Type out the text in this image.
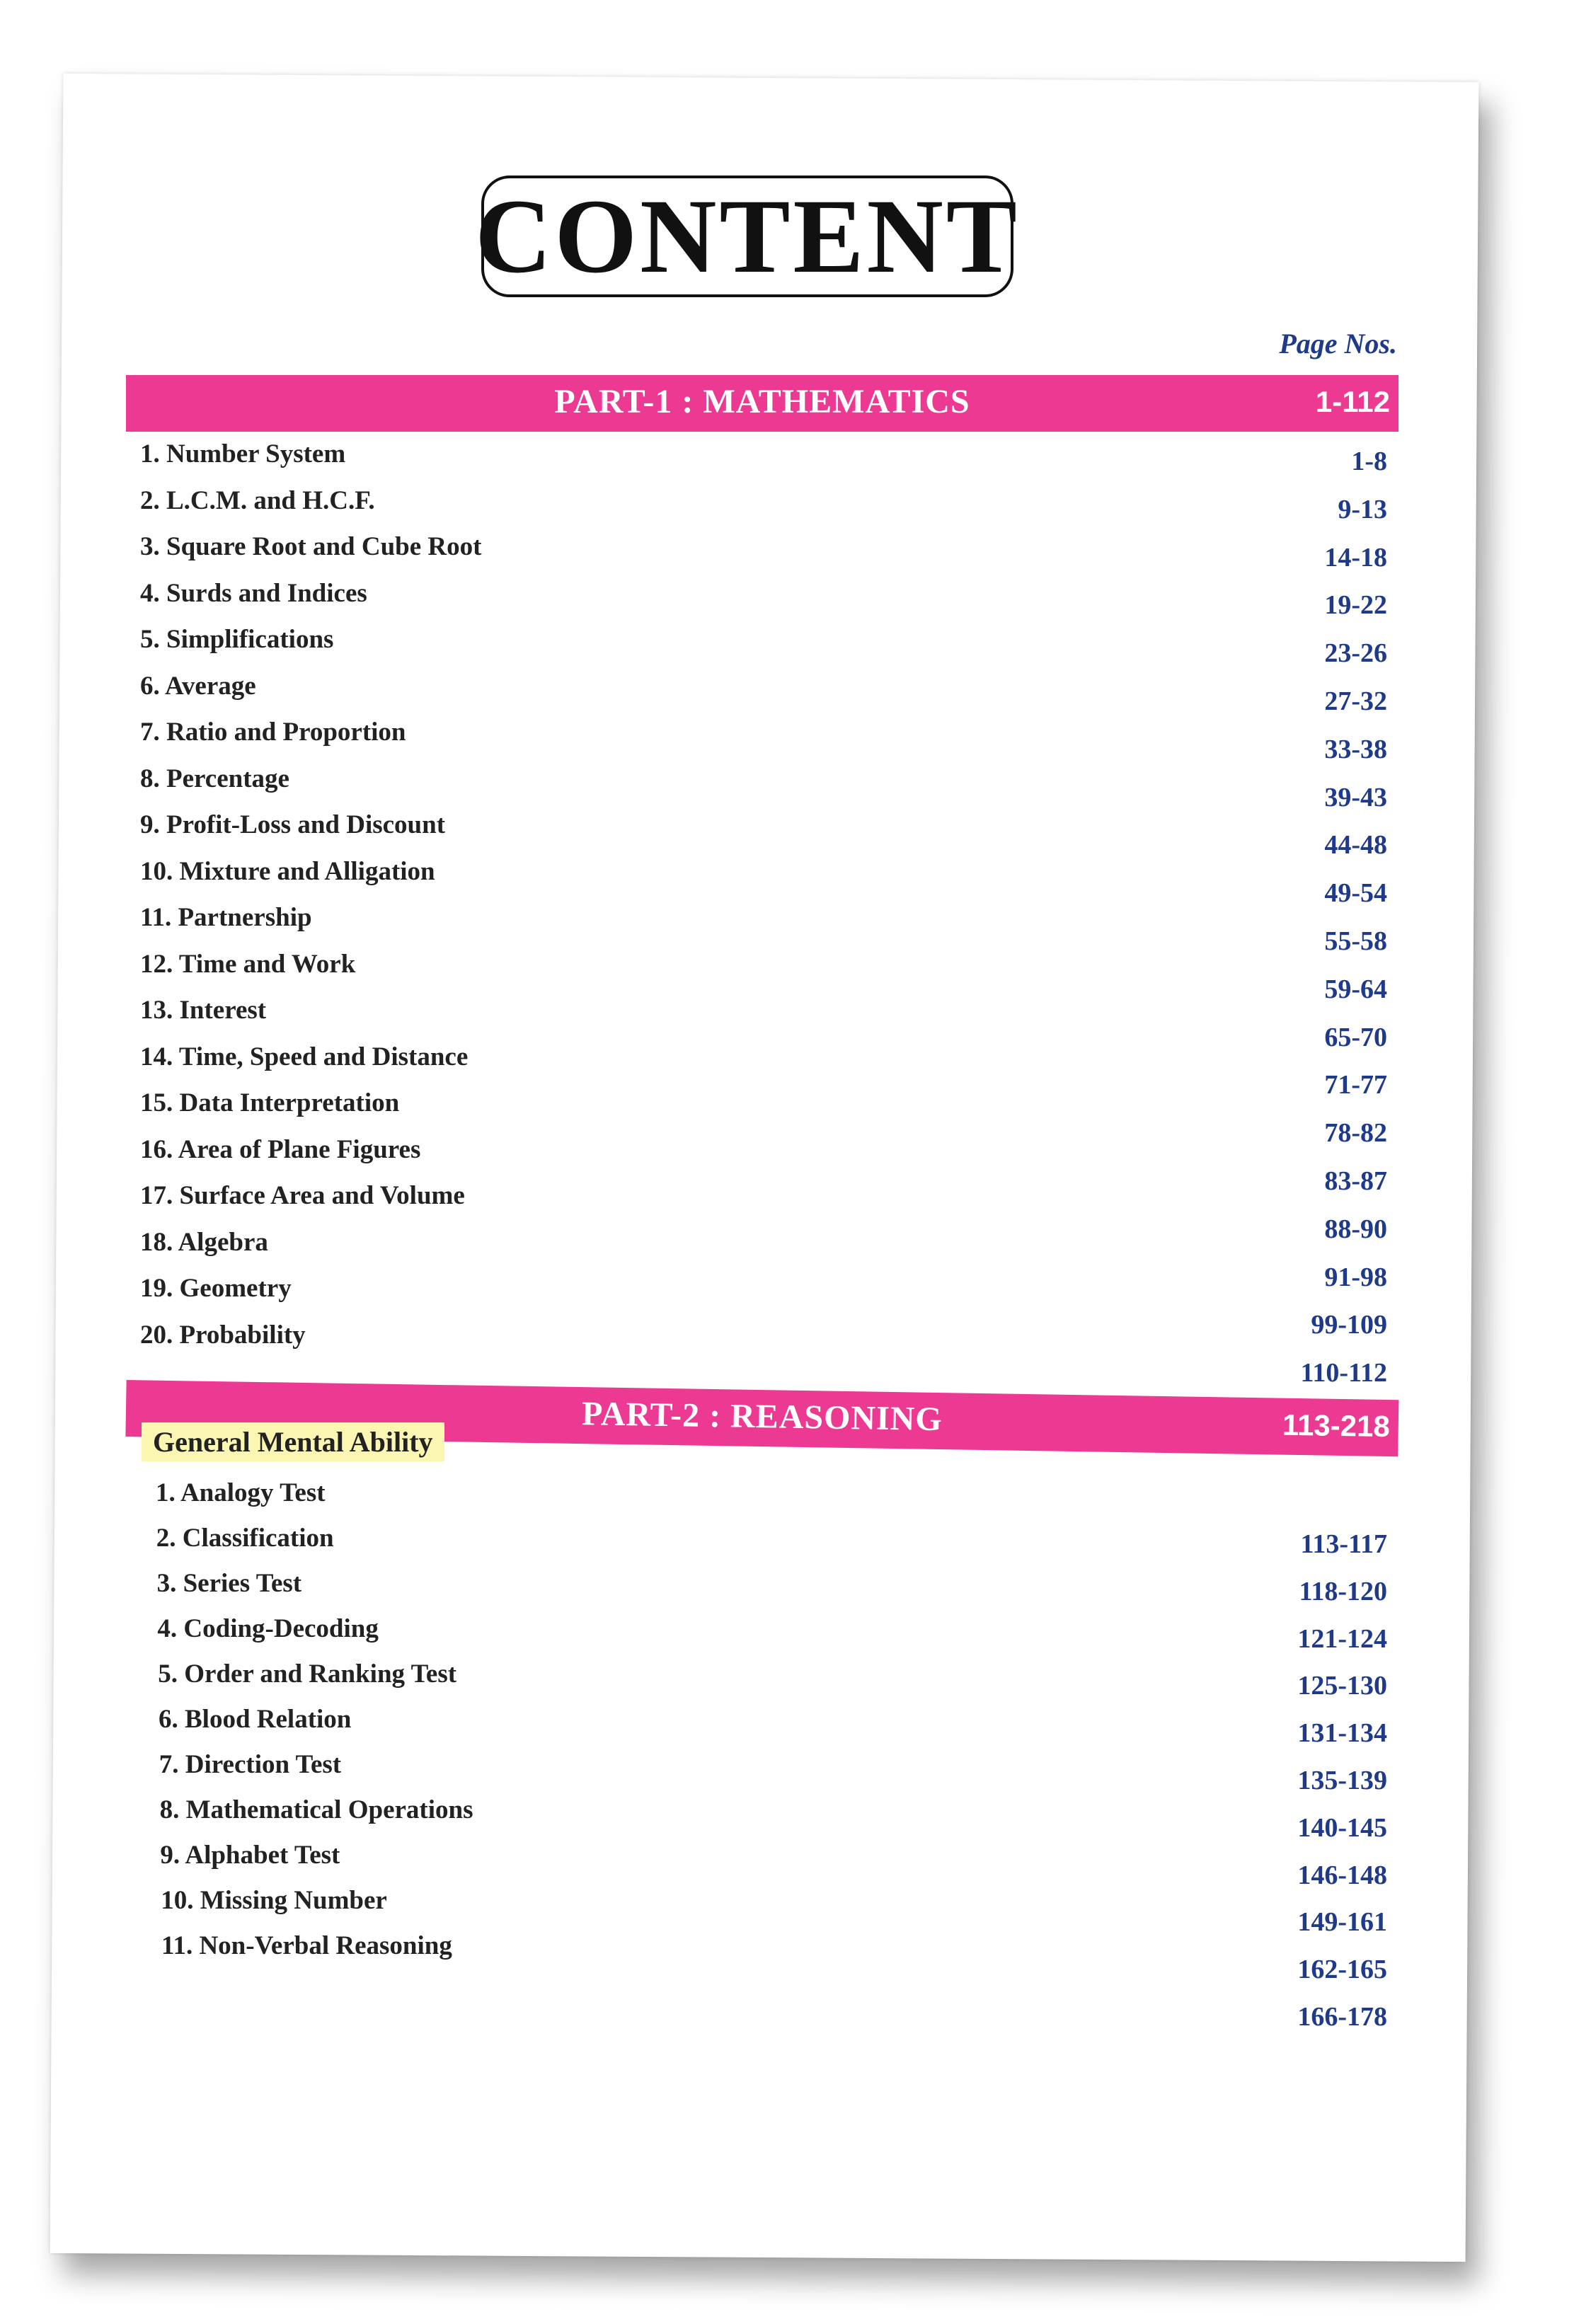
CONTENT
Page Nos.
PART-1 : MATHEMATICS	1-112
1. Number System
2. L.C.M. and H.C.F.
3. Square Root and Cube Root
4. Surds and Indices
5. Simplifications
6. Average
7. Ratio and Proportion
8. Percentage
9. Profit-Loss and Discount
10. Mixture and Alligation
11. Partnership
12. Time and Work
13. Interest
14. Time, Speed and Distance
15. Data Interpretation
16. Area of Plane Figures
17. Surface Area and Volume
18. Algebra
19. Geometry
20. Probability
1-8
9-13
14-18
19-22
23-26
27-32
33-38
39-43
44-48
49-54
55-58
59-64
65-70
71-77
78-82
83-87
88-90
91-98
99-109
110-112
PART-2 : REASONING	113-218
General Mental Ability
1. Analogy Test
2. Classification
3. Series Test
4. Coding-Decoding
5. Order and Ranking Test
6. Blood Relation
7. Direction Test
8. Mathematical Operations
9. Alphabet Test
10. Missing Number
11. Non-Verbal Reasoning
113-117
118-120
121-124
125-130
131-134
135-139
140-145
146-148
149-161
162-165
166-178
